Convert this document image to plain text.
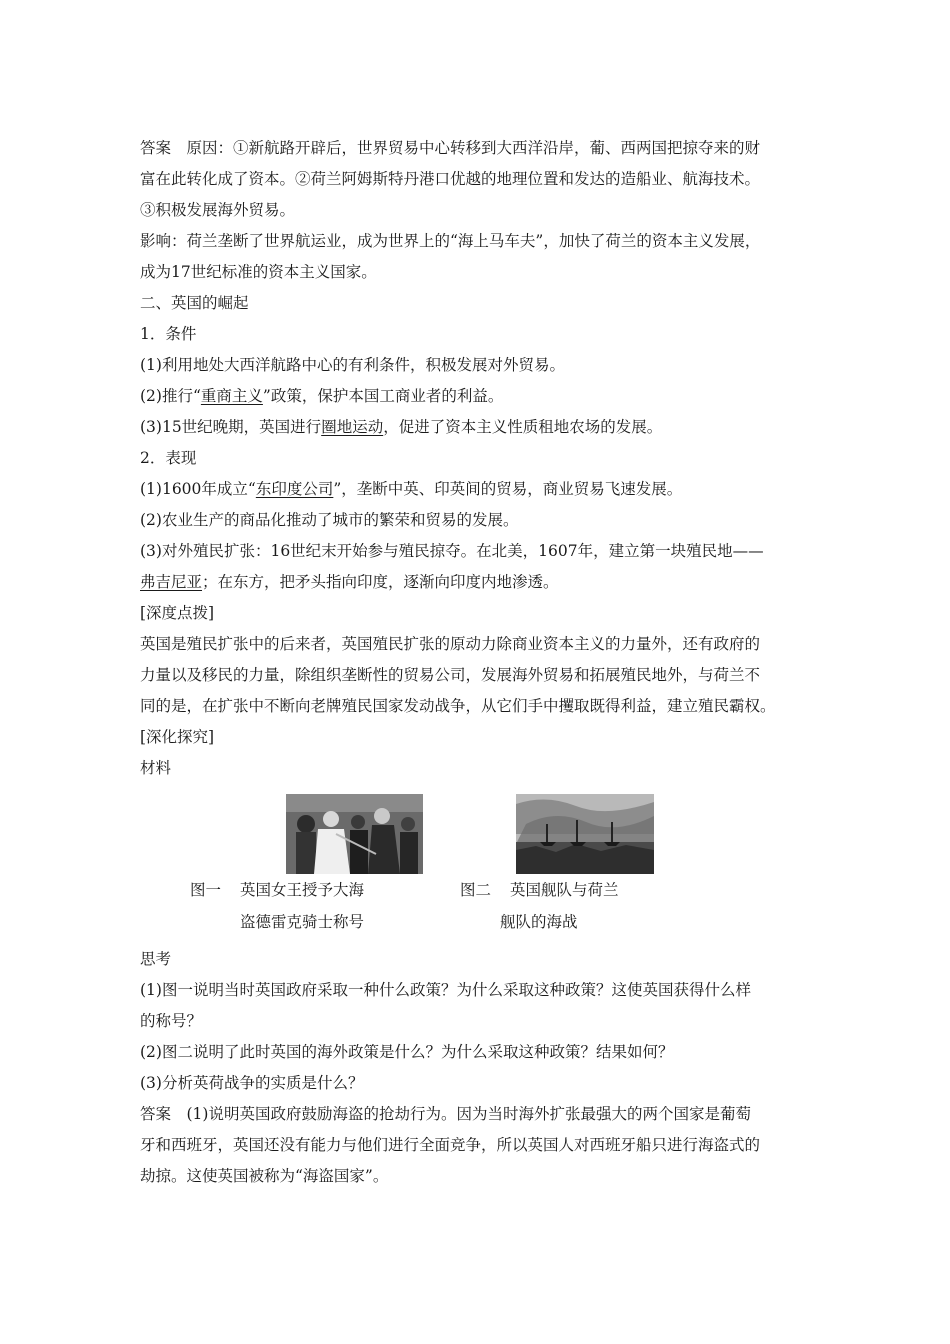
答案　原因：①新航路开辟后，世界贸易中心转移到大西洋沿岸，葡、西两国把掠夺来的财
富在此转化成了资本。②荷兰阿姆斯特丹港口优越的地理位置和发达的造船业、航海技术。
③积极发展海外贸易。
影响：荷兰垄断了世界航运业，成为世界上的“海上马车夫”，加快了荷兰的资本主义发展，
成为17世纪标准的资本主义国家。
二、英国的崛起
1．条件
(1)利用地处大西洋航路中心的有利条件，积极发展对外贸易。
(2)推行“重商主义”政策，保护本国工商业者的利益。
(3)15世纪晚期，英国进行圈地运动，促进了资本主义性质租地农场的发展。
2．表现
(1)1600年成立“东印度公司”，垄断中英、印英间的贸易，商业贸易飞速发展。
(2)农业生产的商品化推动了城市的繁荣和贸易的发展。
(3)对外殖民扩张：16世纪末开始参与殖民掠夺。在北美，1607年，建立第一块殖民地——
弗吉尼亚；在东方，把矛头指向印度，逐渐向印度内地渗透。
[深度点拨]
英国是殖民扩张中的后来者，英国殖民扩张的原动力除商业资本主义的力量外，还有政府的
力量以及移民的力量，除组织垄断性的贸易公司，发展海外贸易和拓展殖民地外，与荷兰不
同的是，在扩张中不断向老牌殖民国家发动战争，从它们手中攫取既得利益，建立殖民霸权。
[深化探究]
材料
图一 英国女王授予大海
盗德雷克骑士称号
图二 英国舰队与荷兰
舰队的海战
思考
(1)图一说明当时英国政府采取一种什么政策？为什么采取这种政策？这使英国获得什么样
的称号？
(2)图二说明了此时英国的海外政策是什么？为什么采取这种政策？结果如何？
(3)分析英荷战争的实质是什么？
答案　(1)说明英国政府鼓励海盗的抢劫行为。因为当时海外扩张最强大的两个国家是葡萄
牙和西班牙，英国还没有能力与他们进行全面竞争，所以英国人对西班牙船只进行海盗式的
劫掠。这使英国被称为“海盗国家”。
